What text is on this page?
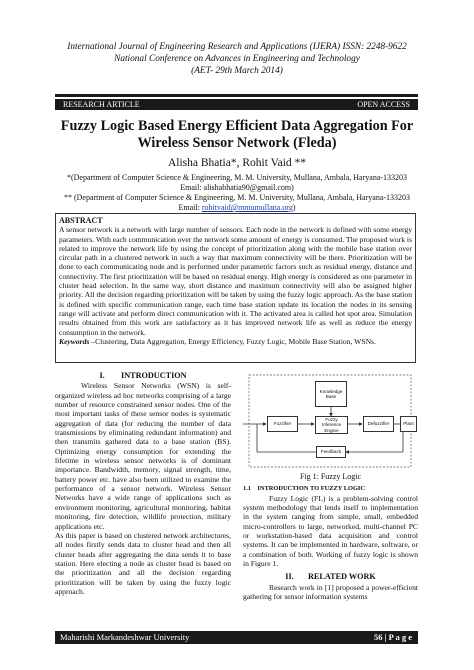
International Journal of Engineering Research and Applications (IJERA) ISSN: 2248-9622
National Conference on Advances in Engineering and Technology
(AET- 29th March 2014)
RESEARCH ARTICLE	OPEN ACCESS
Fuzzy Logic Based Energy Efficient Data Aggregation For Wireless Sensor Network (Fleda)
Alisha Bhatia*, Rohit Vaid **
*(Department of Computer Science & Engineering, M. M. University, Mullana, Ambala, Haryana-133203
Email: alishabhatia90@gmail.com)
** (Department of Computer Science & Engineering, M. M. University, Mullana, Ambala, Haryana-133203
Email: rohitvaid@mmumullana.org)
ABSTRACT

A sensor network is a network with large number of sensors. Each node in the network is defined with some energy parameters. With each communication over the network some amount of energy is consumed. The proposed work is related to improve the network life by using the concept of prioritization along with the mobile base station over circular path in a clustered network in such a way that maximum connectivity will be there. Prioritization will be done to each communicating node and is performed under parametric factors such as residual energy, distance and connectivity. The first prioritization will be based on residual energy. High energy is considered as one parameter in cluster head selection. In the same way, short distance and maximum connectivity will also be assigned higher priority. All the decision regarding prioritization will be taken by using the fuzzy logic approach. As the base station is defined with specific communication range, each time base station update its location the nodes in its sensing range will activate and perform direct communication with it. The activated area is called hot spot area. Simulation results obtained from this work are satisfactory as it has improved network life as well as reduce the energy consumption in the network.

Keywords –Clustering, Data Aggregation, Energy Efficiency, Fuzzy Logic, Mobile Base Station, WSNs.

I.        INTRODUCTION

Wireless Sensor Networks (WSN) is self-organized wireless ad hoc networks comprising of a large number of resource constrained sensor nodes. One of the most important tasks of these sensor nodes is systematic aggregation of data (for reducing the number of data transmissions by eliminating redundant information) and then transmits gathered data to a base station (BS). Optimizing energy consumption for extending the lifetime in wireless sensor networks is of dominant importance. Bandwidth, memory, signal strength, time, battery power etc. have also been utilized to examine the performance of a sensor network. Wireless Sensor Networks have a wide range of applications such as environment monitoring, agricultural monitoring, habitat monitoring, fire detection, wildlife protection, military applications etc.

As this paper is based on clustered network architectures, all nodes firstly sends data to cluster head and then all cluster heads after aggregating the data sends it to base station. Here electing a node as cluster head is based on the prioritization and all the decision regarding prioritization will be taken by using the fuzzy logic approach.

Knowledge Base
Fuzzifier
Fuzzy Inference Engine
Defuzzifier	Plant
Feedback
Fig 1: Fuzzy Logic
1.1    INTRODUCTION TO FUZZY LOGIC

Fuzzy Logic (FL) is a problem-solving control system methodology that lends itself to implementation in the system ranging from simple, small, embedded micro-controllers to large, networked, multi-channel PC or workstation-based data acquisition and control systems. It can be implemented in hardware, software, or a combination of both. Working of fuzzy logic is shown in Figure 1.

II.       RELATED WORK

Research work in [1] proposed a power-efficient gathering for sensor information systems

Maharishi Markandeshwar University	56 | P a g e
